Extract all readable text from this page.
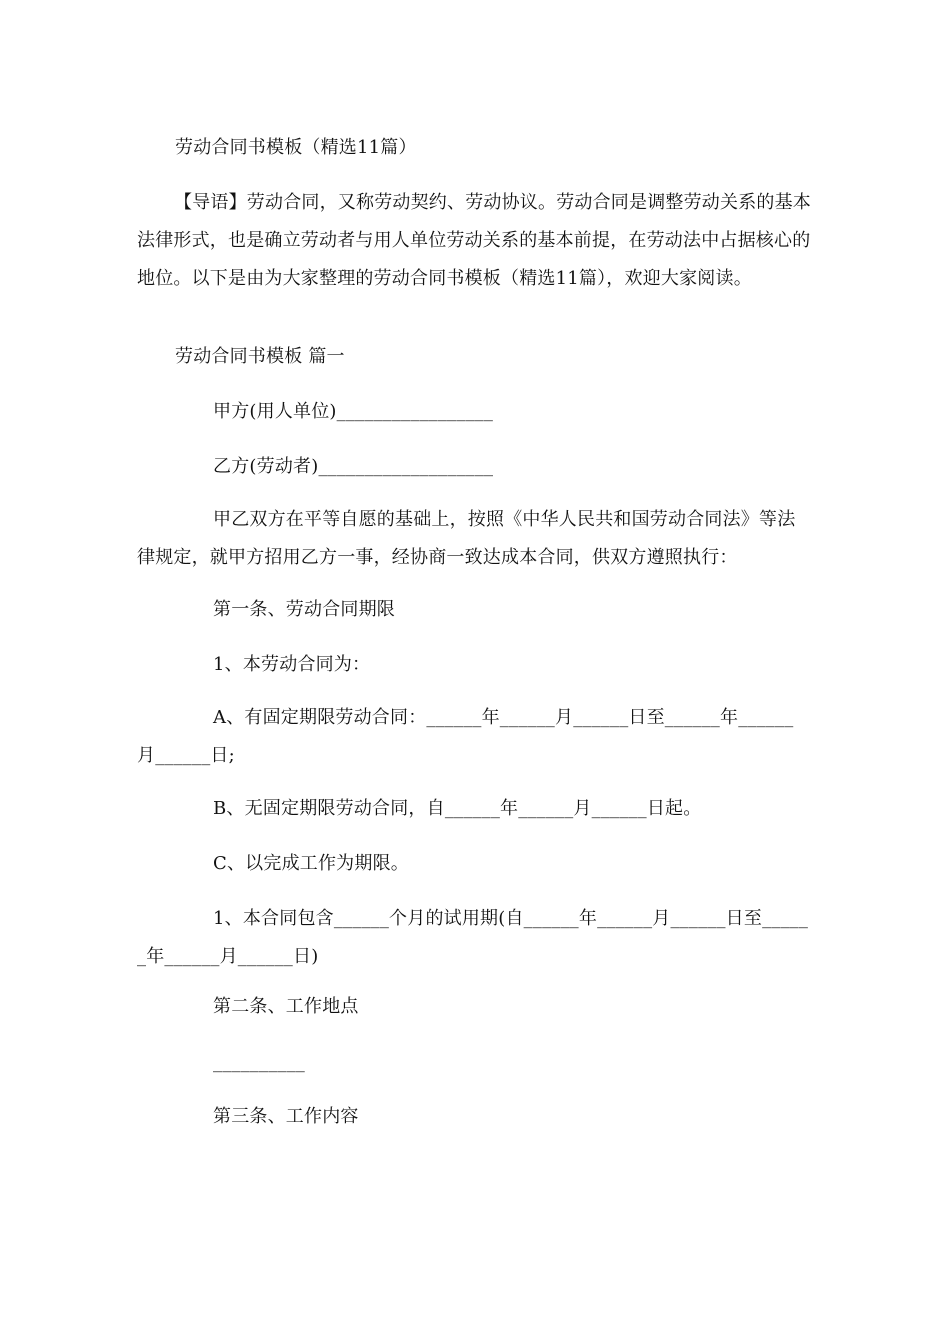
劳动合同书模板（精选11篇）
【导语】劳动合同，又称劳动契约、劳动协议。劳动合同是调整劳动关系的基本法律形式，也是确立劳动者与用人单位劳动关系的基本前提，在劳动法中占据核心的地位。以下是由为大家整理的劳动合同书模板（精选11篇），欢迎大家阅读。
劳动合同书模板 篇一
甲方(用人单位)_________________
乙方(劳动者)___________________
甲乙双方在平等自愿的基础上，按照《中华人民共和国劳动合同法》等法律规定，就甲方招用乙方一事，经协商一致达成本合同，供双方遵照执行：
第一条、劳动合同期限
1、本劳动合同为：
A、有固定期限劳动合同：______年______月______日至______年______月______日;
B、无固定期限劳动合同，自______年______月______日起。
C、以完成工作为期限。
1、本合同包含______个月的试用期(自______年______月______日至______年______月______日)
第二条、工作地点
__________
第三条、工作内容
